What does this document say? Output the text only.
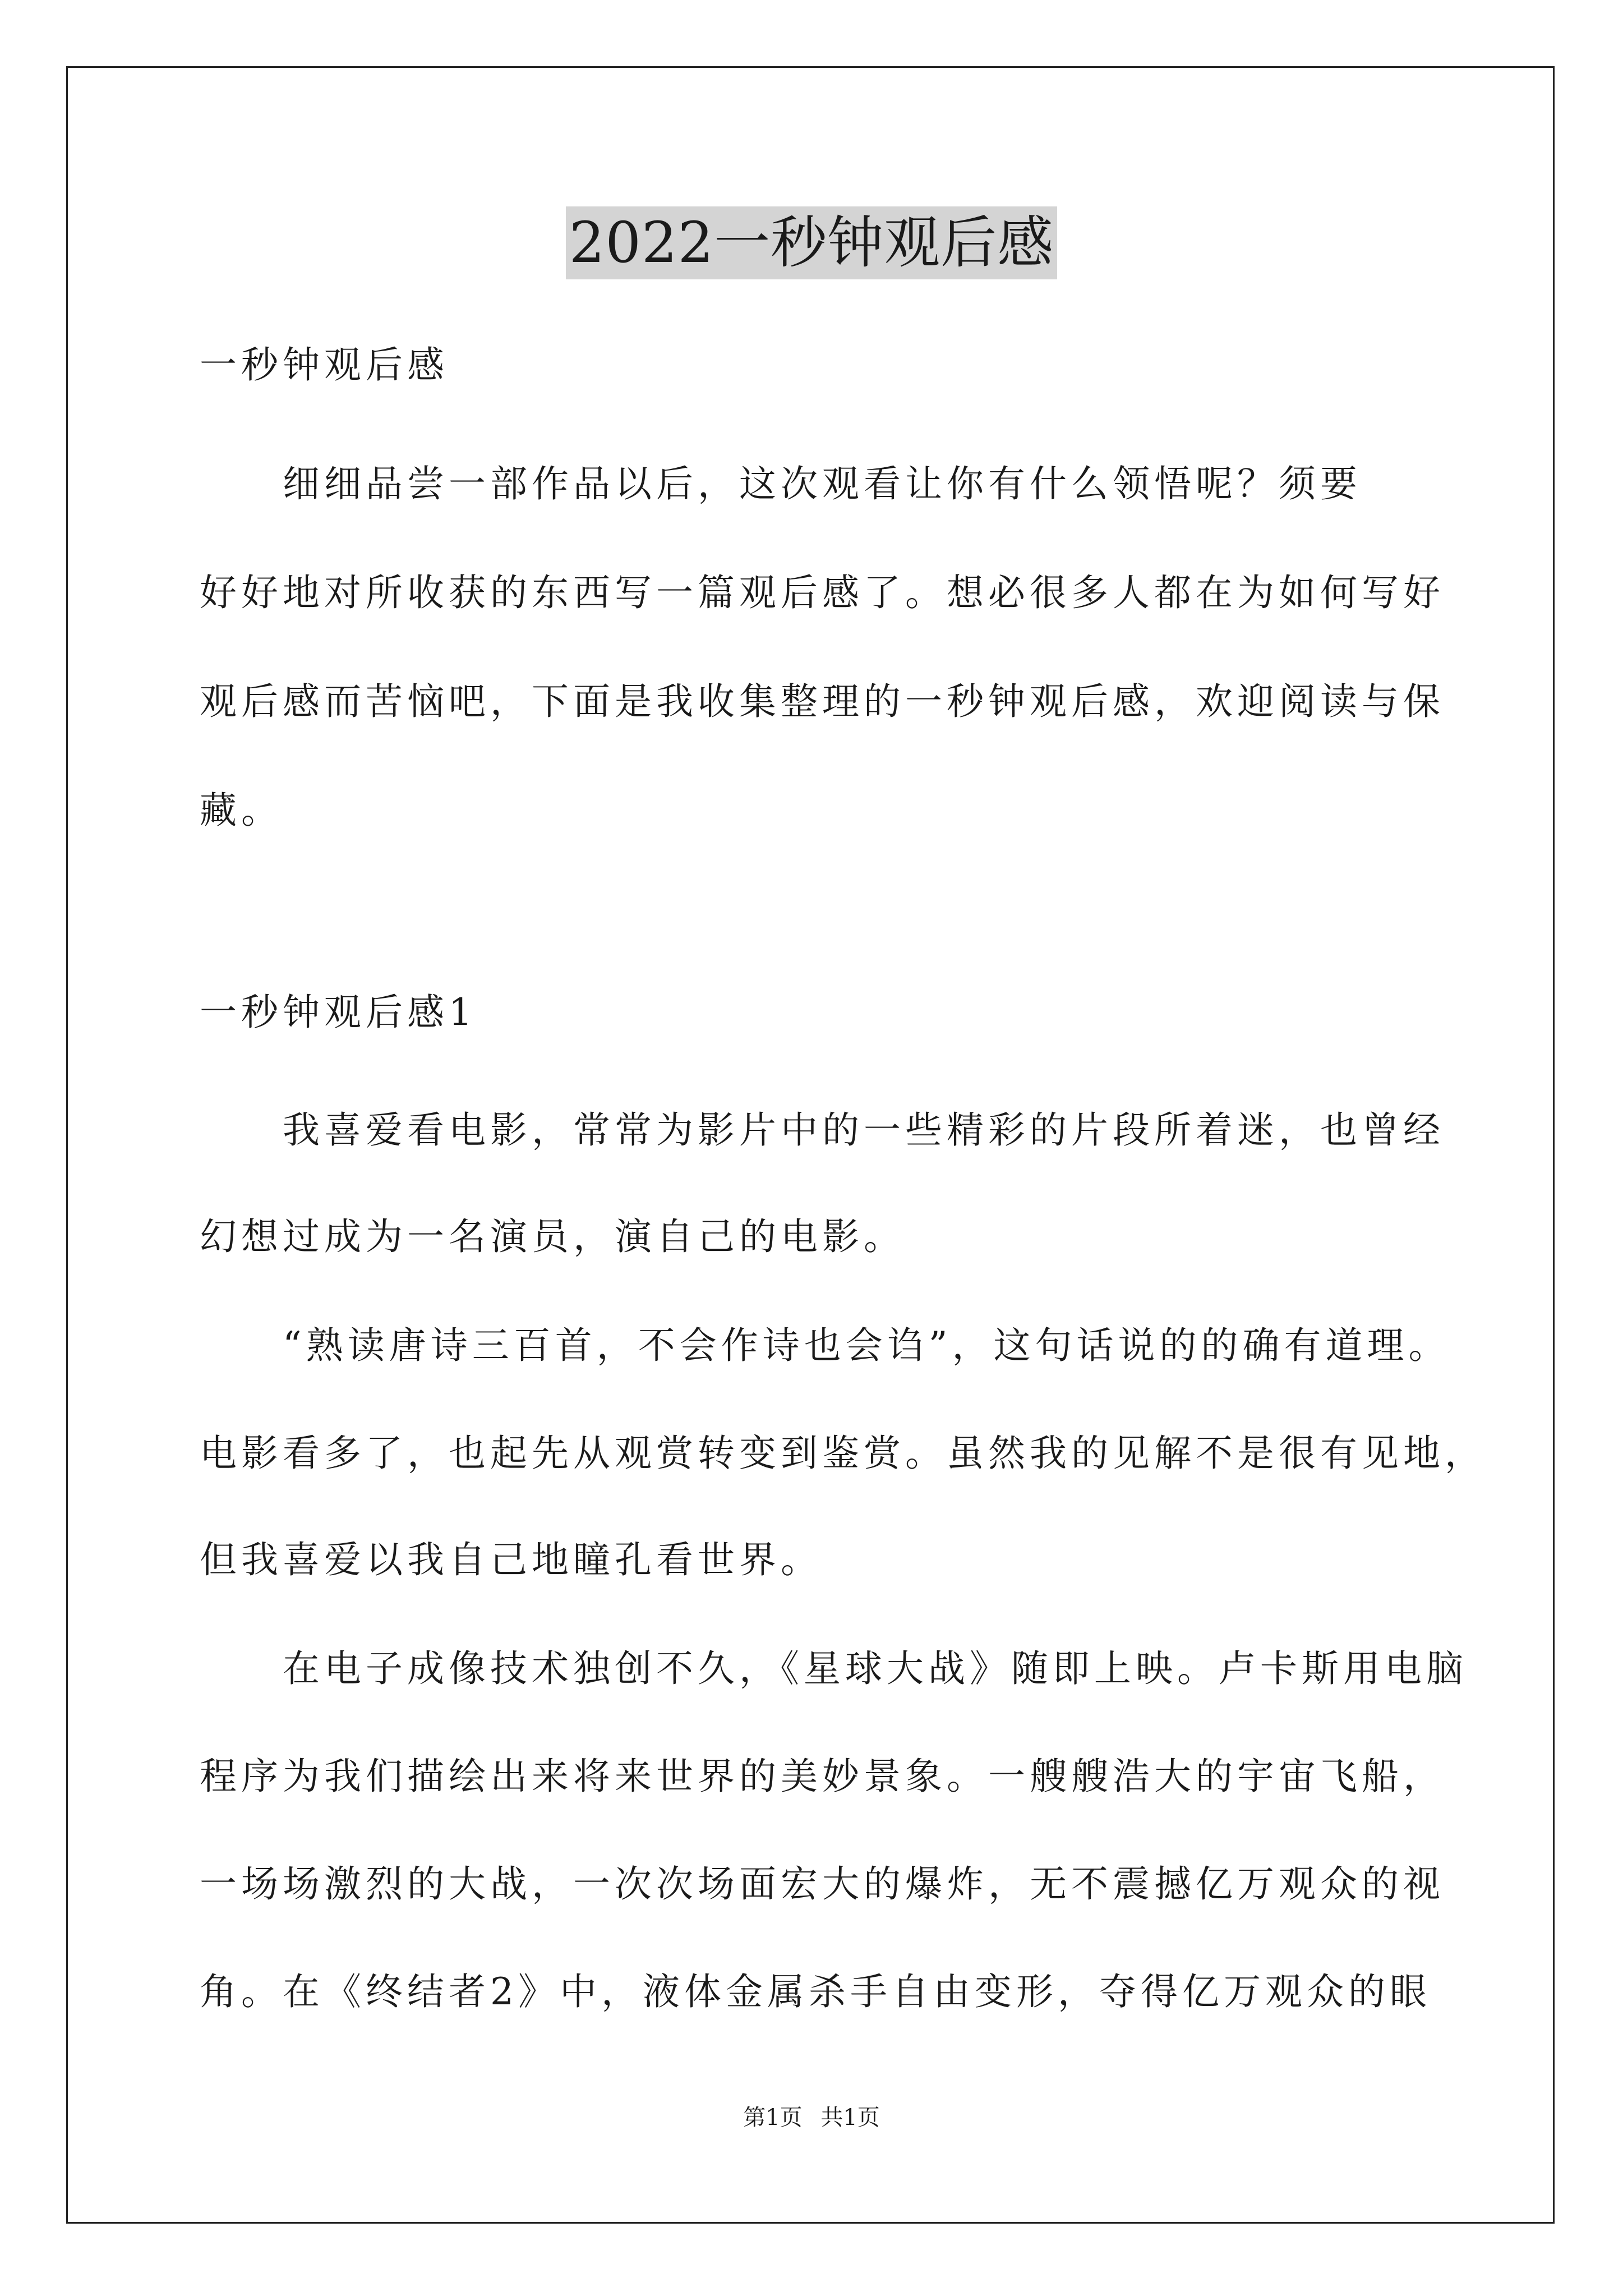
2022一秒钟观后感
一秒钟观后感
　　细细品尝一部作品以后，这次观看让你有什么领悟呢？须要
好好地对所收获的东西写一篇观后感了。想必很多人都在为如何写好
观后感而苦恼吧，下面是我收集整理的一秒钟观后感，欢迎阅读与保
藏。
一秒钟观后感1
　　我喜爱看电影，常常为影片中的一些精彩的片段所着迷，也曾经
幻想过成为一名演员，演自己的电影。
　　“熟读唐诗三百首，不会作诗也会诌”，这句话说的的确有道理。
电影看多了，也起先从观赏转变到鉴赏。虽然我的见解不是很有见地，
但我喜爱以我自己地瞳孔看世界。
　　在电子成像技术独创不久，《星球大战》随即上映。卢卡斯用电脑
程序为我们描绘出来将来世界的美妙景象。一艘艘浩大的宇宙飞船，
一场场激烈的大战，一次次场面宏大的爆炸，无不震撼亿万观众的视
角。在《终结者2》中，液体金属杀手自由变形，夺得亿万观众的眼
第1页 共1页
